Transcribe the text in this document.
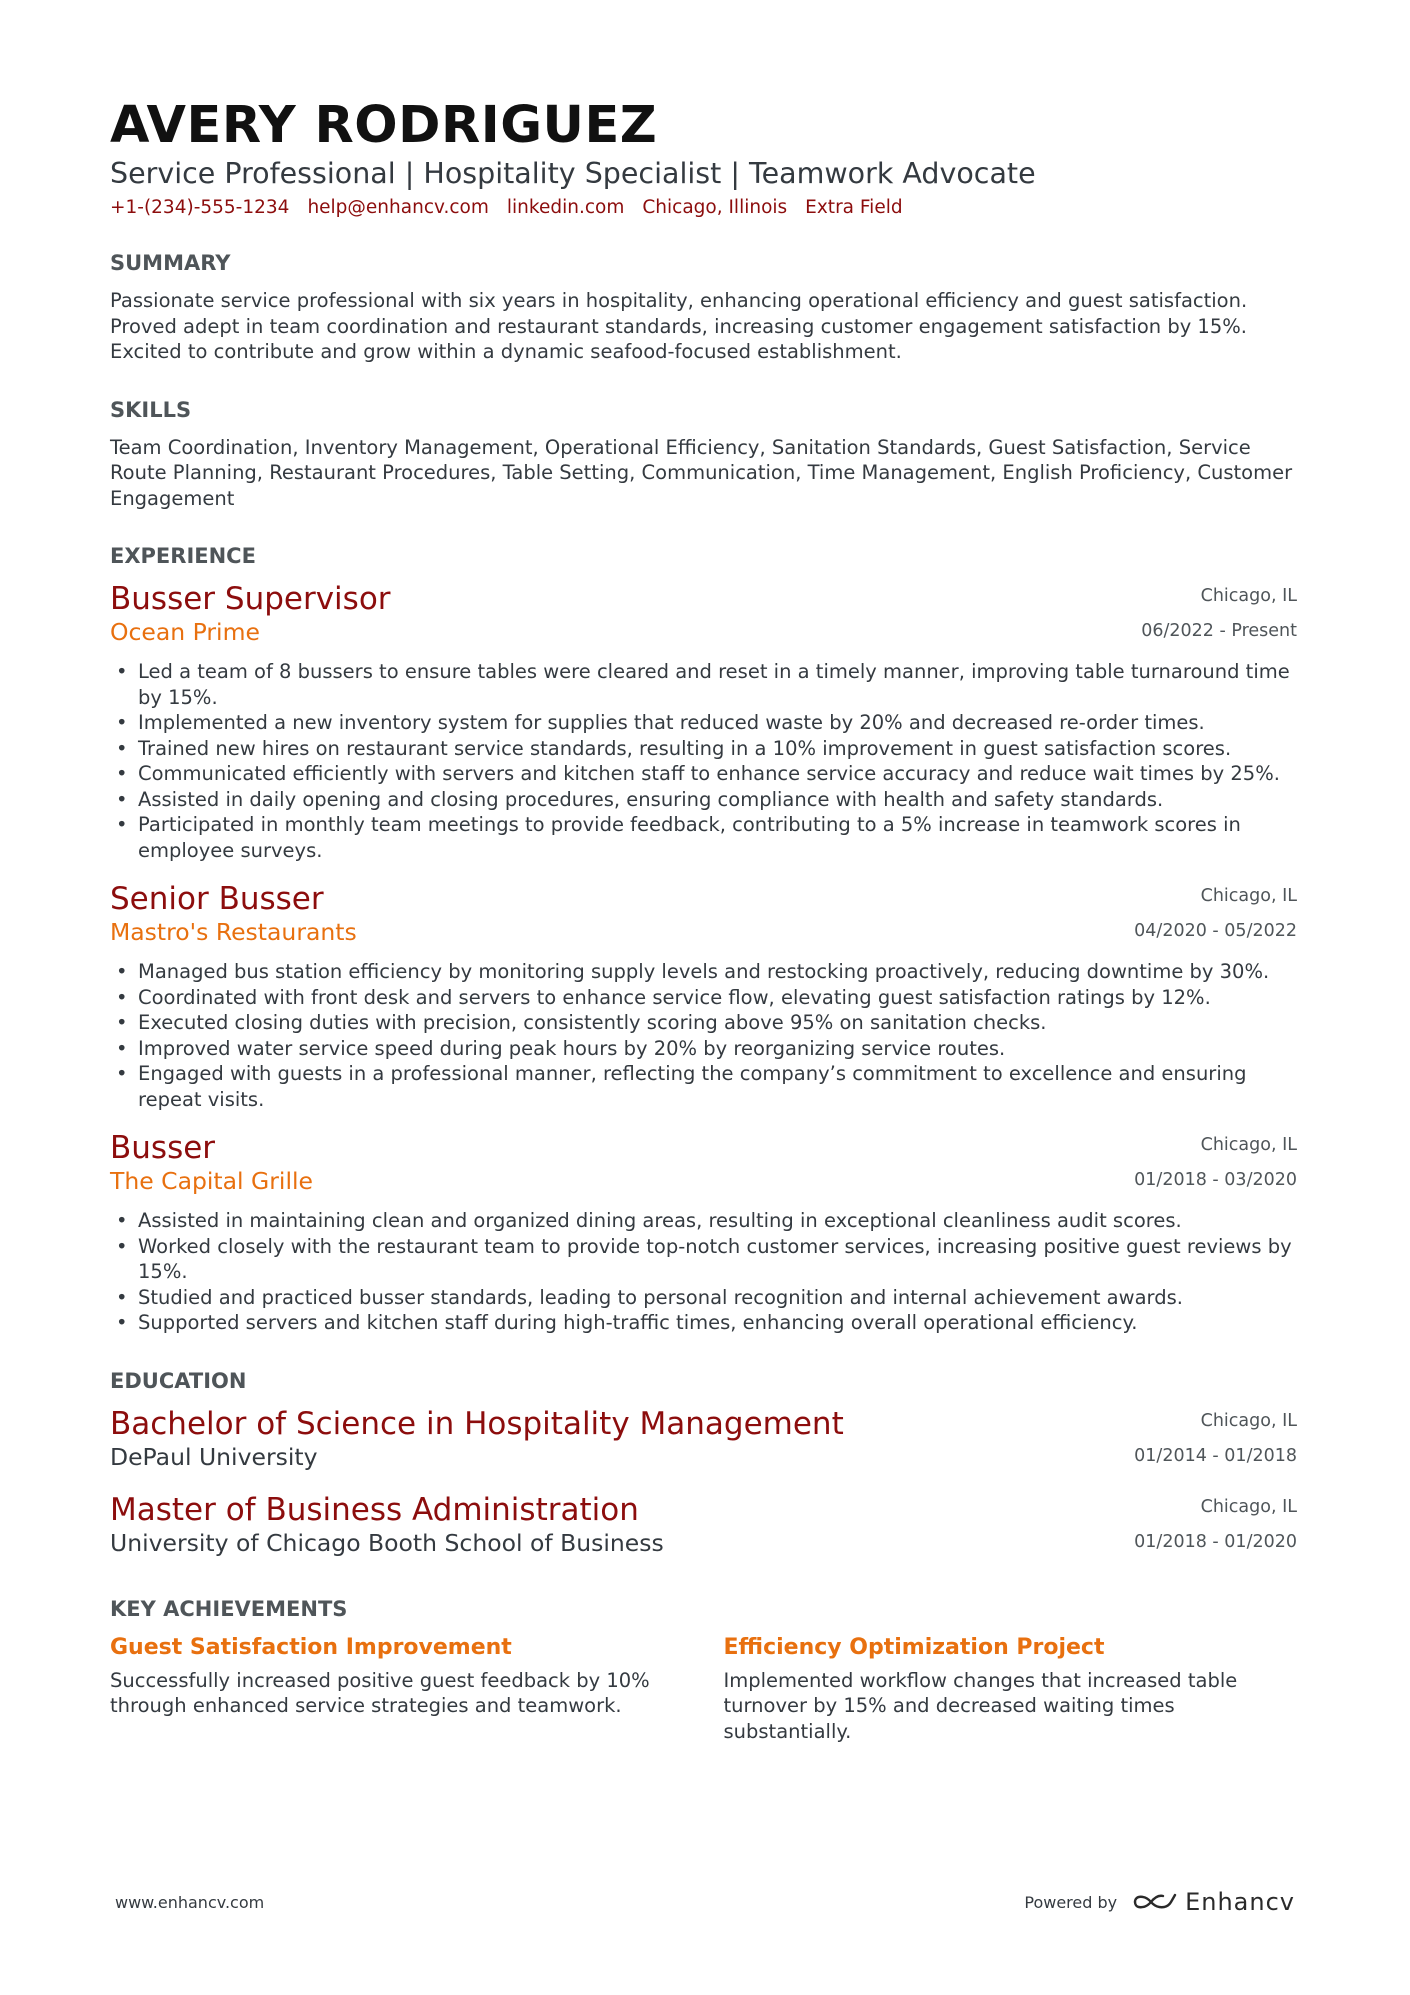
AVERY RODRIGUEZ

Service Professional | Hospitality Specialist | Teamwork Advocate

+1-(234)-555-1234 help@enhancv.com linkedin.com Chicago, Illinois Extra Field
SUMMARY

Passionate service professional with six years in hospitality, enhancing operational efficiency and guest satisfaction. Proved adept in team coordination and restaurant standards, increasing customer engagement satisfaction by 15%. Excited to contribute and grow within a dynamic seafood-focused establishment.

SKILLS

Team Coordination, Inventory Management, Operational Efficiency, Sanitation Standards, Guest Satisfaction, Service Route Planning, Restaurant Procedures, Table Setting, Communication, Time Management, English Proficiency, Customer Engagement

EXPERIENCE
Busser Supervisor
Ocean Prime
Chicago, IL
06/2022 - Present
• Led a team of 8 bussers to ensure tables were cleared and reset in a timely manner, improving table turnaround time by 15%.
• Implemented a new inventory system for supplies that reduced waste by 20% and decreased re-order times.
• Trained new hires on restaurant service standards, resulting in a 10% improvement in guest satisfaction scores.
• Communicated efficiently with servers and kitchen staff to enhance service accuracy and reduce wait times by 25%.
• Assisted in daily opening and closing procedures, ensuring compliance with health and safety standards.
• Participated in monthly team meetings to provide feedback, contributing to a 5% increase in teamwork scores in employee surveys.
Senior Busser
Mastro's Restaurants
Chicago, IL
04/2020 - 05/2022
• Managed bus station efficiency by monitoring supply levels and restocking proactively, reducing downtime by 30%.
• Coordinated with front desk and servers to enhance service flow, elevating guest satisfaction ratings by 12%.
• Executed closing duties with precision, consistently scoring above 95% on sanitation checks.
• Improved water service speed during peak hours by 20% by reorganizing service routes.
• Engaged with guests in a professional manner, reflecting the company’s commitment to excellence and ensuring repeat visits.
Busser
The Capital Grille
Chicago, IL
01/2018 - 03/2020
• Assisted in maintaining clean and organized dining areas, resulting in exceptional cleanliness audit scores.
• Worked closely with the restaurant team to provide top-notch customer services, increasing positive guest reviews by 15%.
• Studied and practiced busser standards, leading to personal recognition and internal achievement awards.
• Supported servers and kitchen staff during high-traffic times, enhancing overall operational efficiency.
EDUCATION
Bachelor of Science in Hospitality Management
DePaul University
Chicago, IL
01/2014 - 01/2018
Master of Business Administration
University of Chicago Booth School of Business
Chicago, IL
01/2018 - 01/2020
KEY ACHIEVEMENTS
Guest Satisfaction Improvement

Successfully increased positive guest feedback by 10% through enhanced service strategies and teamwork.

Efficiency Optimization Project

Implemented workflow changes that increased table turnover by 15% and decreased waiting times substantially.

www.enhancv.com	Powered by	Enhancv
